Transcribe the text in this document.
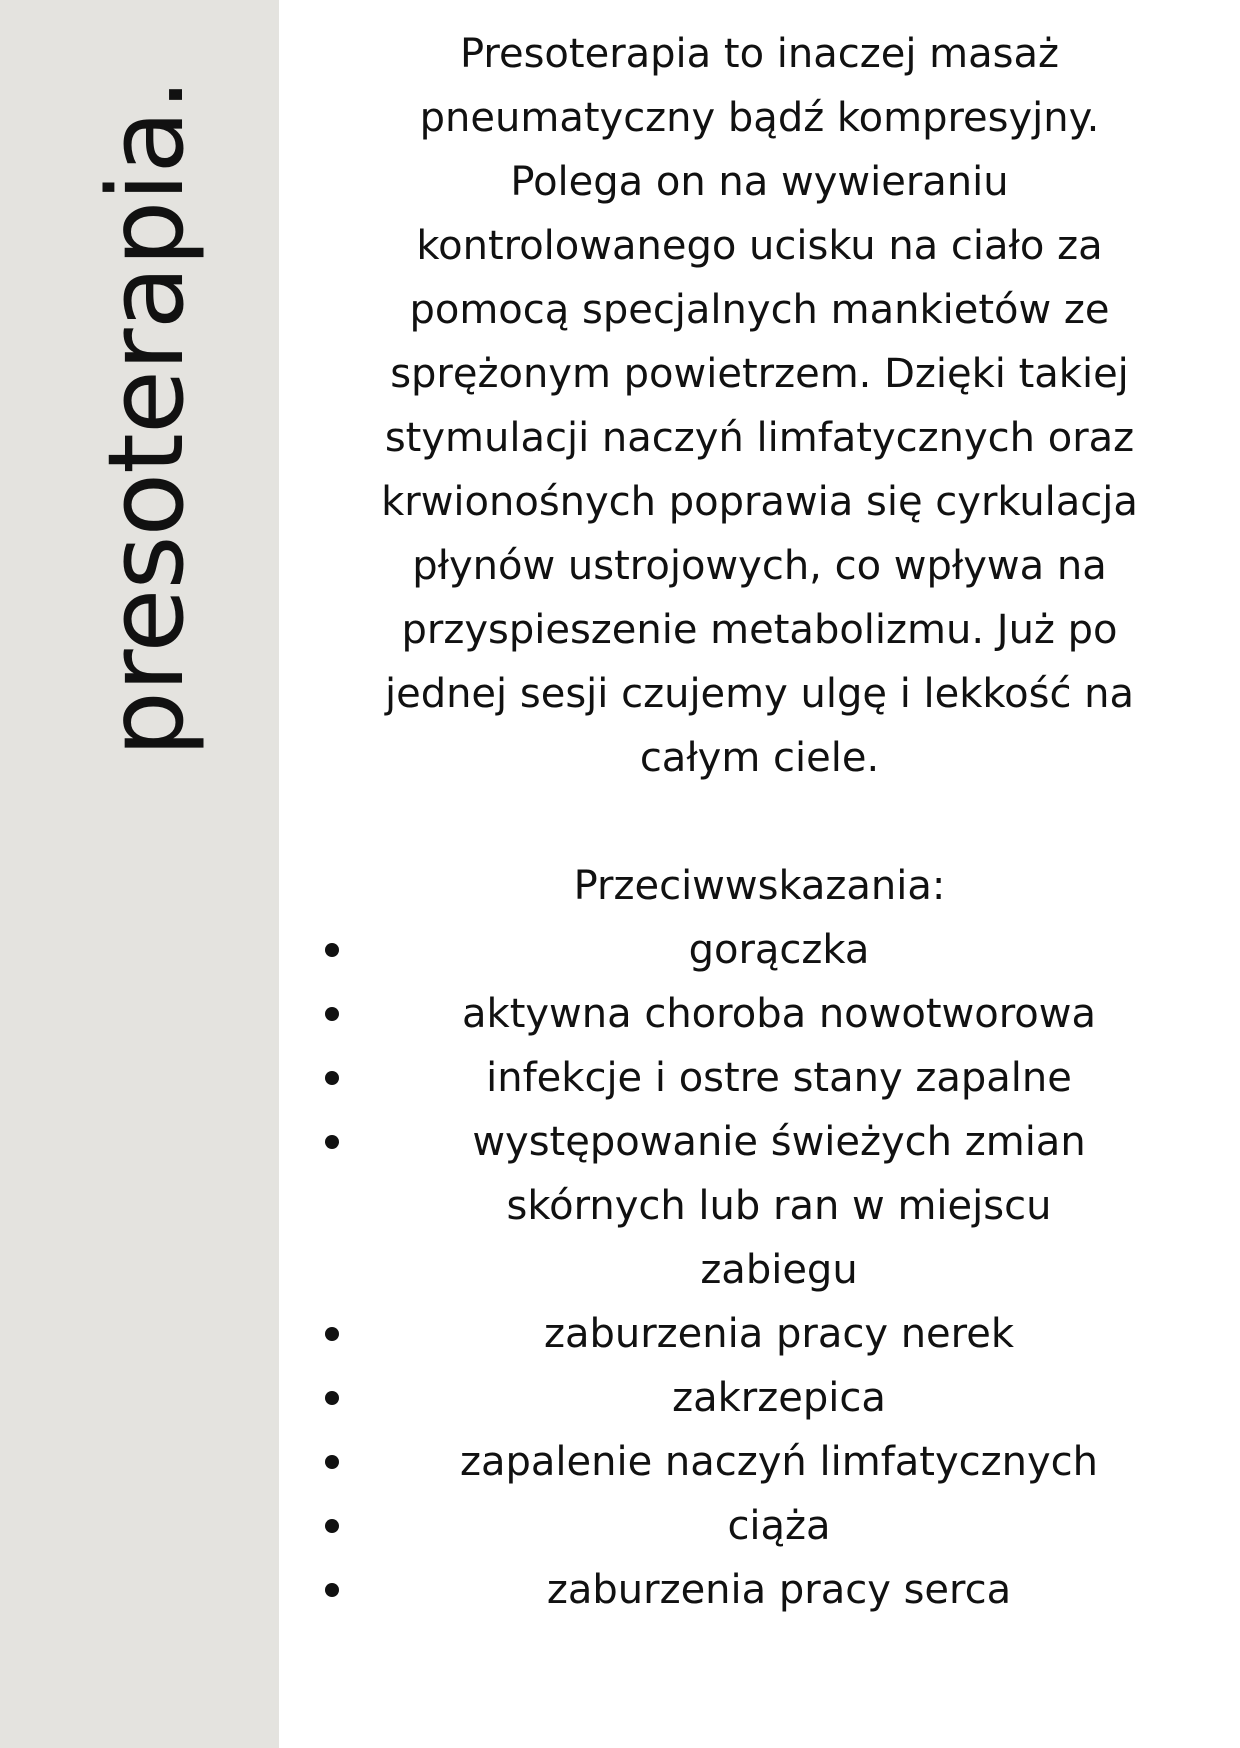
presoterapia.

Presoterapia to inaczej masaż
pneumatyczny bądź kompresyjny.
Polega on na wywieraniu
kontrolowanego ucisku na ciało za
pomocą specjalnych mankietów ze
sprężonym powietrzem. Dzięki takiej
stymulacji naczyń limfatycznych oraz
krwionośnych poprawia się cyrkulacja
płynów ustrojowych, co wpływa na
przyspieszenie metabolizmu. Już po
jednej sesji czujemy ulgę i lekkość na
całym ciele.

Przeciwwskazania:
gorączka
aktywna choroba nowotworowa
infekcje i ostre stany zapalne
występowanie świeżych zmian
skórnych lub ran w miejscu
zabiegu
zaburzenia pracy nerek
zakrzepica
zapalenie naczyń limfatycznych
ciąża
zaburzenia pracy serca
